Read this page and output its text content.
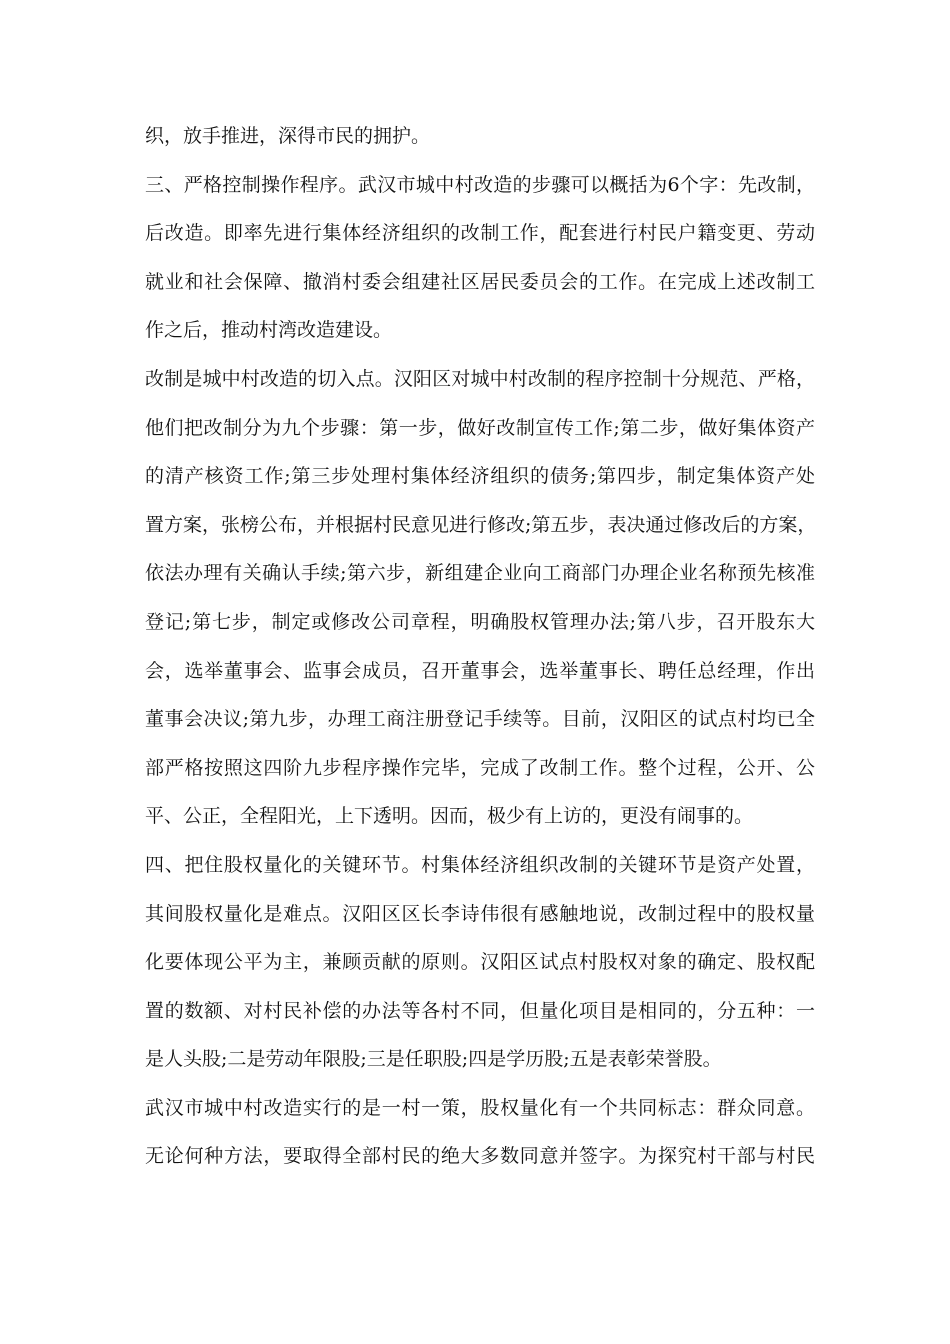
织，放手推进，深得市民的拥护。
三、严格控制操作程序。武汉市城中村改造的步骤可以概括为6个字：先改制，
后改造。即率先进行集体经济组织的改制工作，配套进行村民户籍变更、劳动
就业和社会保障、撤消村委会组建社区居民委员会的工作。在完成上述改制工
作之后，推动村湾改造建设。
改制是城中村改造的切入点。汉阳区对城中村改制的程序控制十分规范、严格，
他们把改制分为九个步骤：第一步，做好改制宣传工作;第二步，做好集体资产
的清产核资工作;第三步处理村集体经济组织的债务;第四步，制定集体资产处
置方案，张榜公布，并根据村民意见进行修改;第五步，表决通过修改后的方案，
依法办理有关确认手续;第六步，新组建企业向工商部门办理企业名称预先核准
登记;第七步，制定或修改公司章程，明确股权管理办法;第八步，召开股东大
会，选举董事会、监事会成员，召开董事会，选举董事长、聘任总经理，作出
董事会决议;第九步，办理工商注册登记手续等。目前，汉阳区的试点村均已全
部严格按照这四阶九步程序操作完毕，完成了改制工作。整个过程，公开、公
平、公正，全程阳光，上下透明。因而，极少有上访的，更没有闹事的。
四、把住股权量化的关键环节。村集体经济组织改制的关键环节是资产处置，
其间股权量化是难点。汉阳区区长李诗伟很有感触地说，改制过程中的股权量
化要体现公平为主，兼顾贡献的原则。汉阳区试点村股权对象的确定、股权配
置的数额、对村民补偿的办法等各村不同，但量化项目是相同的，分五种：一
是人头股;二是劳动年限股;三是任职股;四是学历股;五是表彰荣誉股。
武汉市城中村改造实行的是一村一策，股权量化有一个共同标志：群众同意。
无论何种方法，要取得全部村民的绝大多数同意并签字。为探究村干部与村民
